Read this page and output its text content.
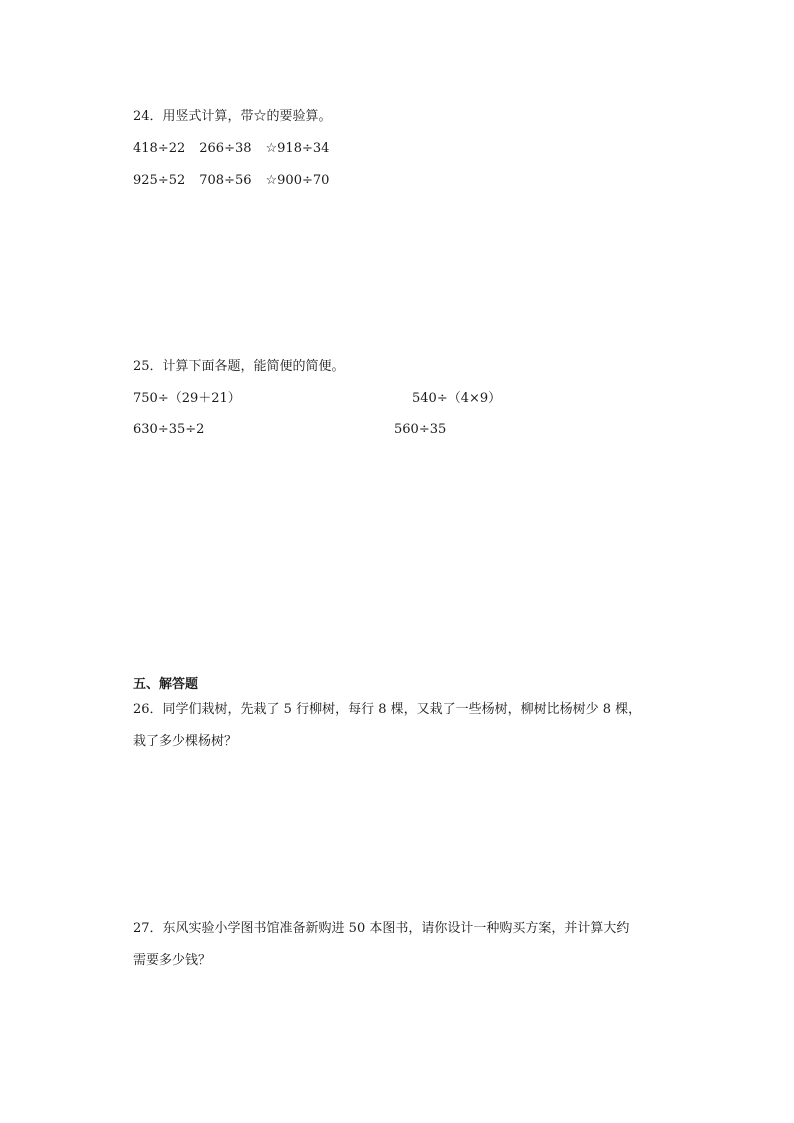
24．用竖式计算，带☆的要验算。
418÷22 266÷38 ☆918÷34
925÷52 708÷56 ☆900÷70
25．计算下面各题，能简便的简便。
750÷（29＋21）	540÷（4×9）
630÷35÷2	560÷35
五、解答题
26．同学们栽树，先栽了 5 行柳树，每行 8 棵，又栽了一些杨树，柳树比杨树少 8 棵，
栽了多少棵杨树？
27．东风实验小学图书馆准备新购进 50 本图书，请你设计一种购买方案，并计算大约
需要多少钱？
